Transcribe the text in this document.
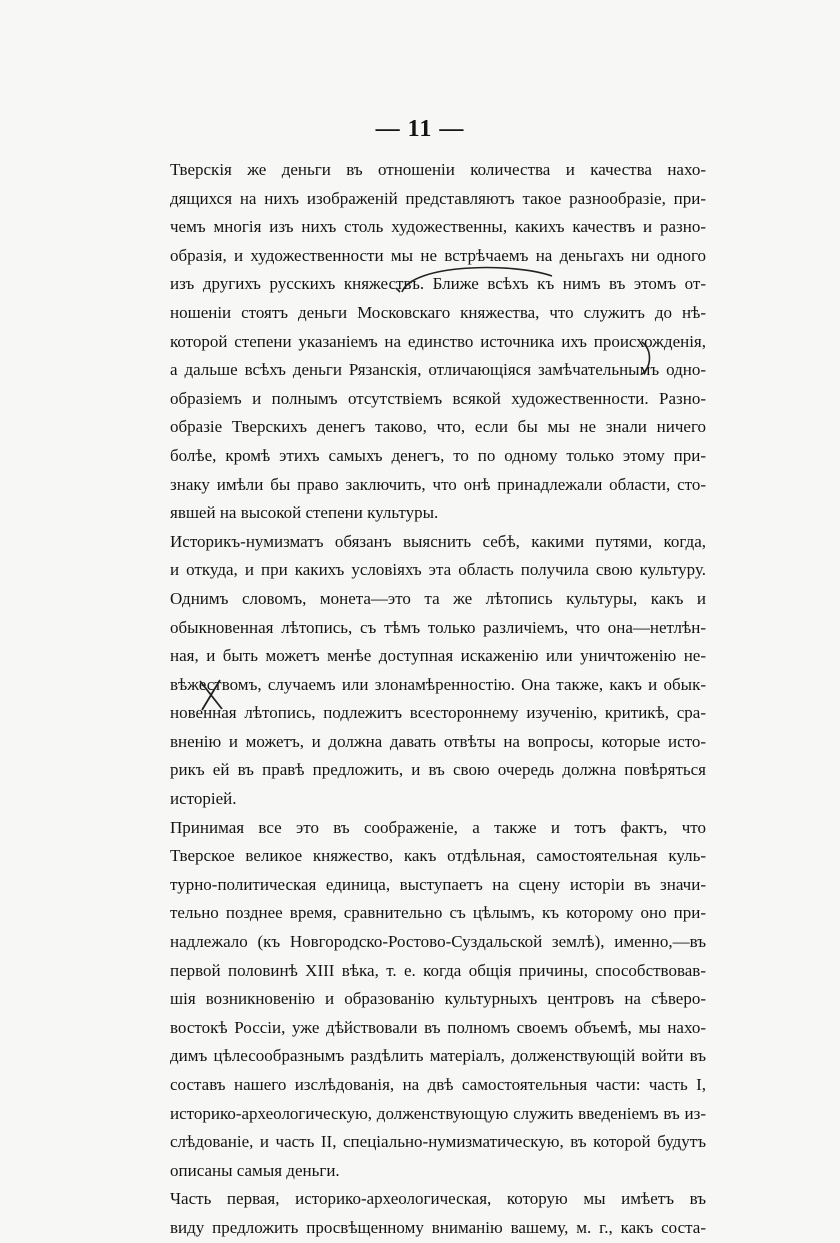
— 11 —
Тверскія же деньги въ отношеніи количества и качества нахо-
дящихся на нихъ изображеній представляютъ такое разнообразіе, при-
чемъ многія изъ нихъ столь художественны, какихъ качествъ и разно-
образія, и художественности мы не встрѣчаемъ на деньгахъ ни одного
изъ другихъ русскихъ княжествъ. Ближе всѣхъ къ нимъ въ этомъ от-
ношеніи стоятъ деньги Московскаго княжества, что служитъ до нѣ-
которой степени указаніемъ на единство источника ихъ происхожденія,
а дальше всѣхъ деньги Рязанскія, отличающіяся замѣчательнымъ одно-
образіемъ и полнымъ отсутствіемъ всякой художественности. Разно-
образіе Тверскихъ денегъ таково, что, если бы мы не знали ничего
болѣе, кромѣ этихъ самыхъ денегъ, то по одному только этому при-
знаку имѣли бы право заключить, что онѣ принадлежали области, сто-
явшей на высокой степени культуры.
Историкъ-нумизматъ обязанъ выяснить себѣ, какими путями, когда,
и откуда, и при какихъ условіяхъ эта область получила свою культуру.
Однимъ словомъ, монета—это та же лѣтопись культуры, какъ и
обыкновенная лѣтопись, съ тѣмъ только различіемъ, что она—нетлѣн-
ная, и быть можетъ менѣе доступная искаженію или уничтоженію не-
вѣжествомъ, случаемъ или злонамѣренностію. Она также, какъ и обык-
новенная лѣтопись, подлежитъ всестороннему изученію, критикѣ, сра-
вненію и можетъ, и должна давать отвѣты на вопросы, которые исто-
рикъ ей въ правѣ предложить, и въ свою очередь должна повѣряться
исторіей.
Принимая все это въ соображеніе, а также и тотъ фактъ, что
Тверское великое княжество, какъ отдѣльная, самостоятельная куль-
турно-политическая единица, выступаетъ на сцену исторіи въ значи-
тельно позднее время, сравнительно съ цѣлымъ, къ которому оно при-
надлежало (къ Новгородско-Ростово-Суздальской землѣ), именно,—въ
первой половинѣ XIII вѣка, т. е. когда общія причины, способствовав-
шія возникновенію и образованію культурныхъ центровъ на сѣверо-
востокѣ Россіи, уже дѣйствовали въ полномъ своемъ объемѣ, мы нахо-
димъ цѣлесообразнымъ раздѣлить матеріалъ, долженствующій войти въ
составъ нашего изслѣдованія, на двѣ самостоятельныя части: часть I,
историко-археологическую, долженствующую служить введеніемъ въ из-
слѣдованіе, и часть II, спеціально-нумизматическую, въ которой будутъ
описаны самыя деньги.
Часть первая, историко-археологическая, которую мы имѣетъ въ
виду предложить просвѣщенному вниманію вашему, м. г., какъ соста-
